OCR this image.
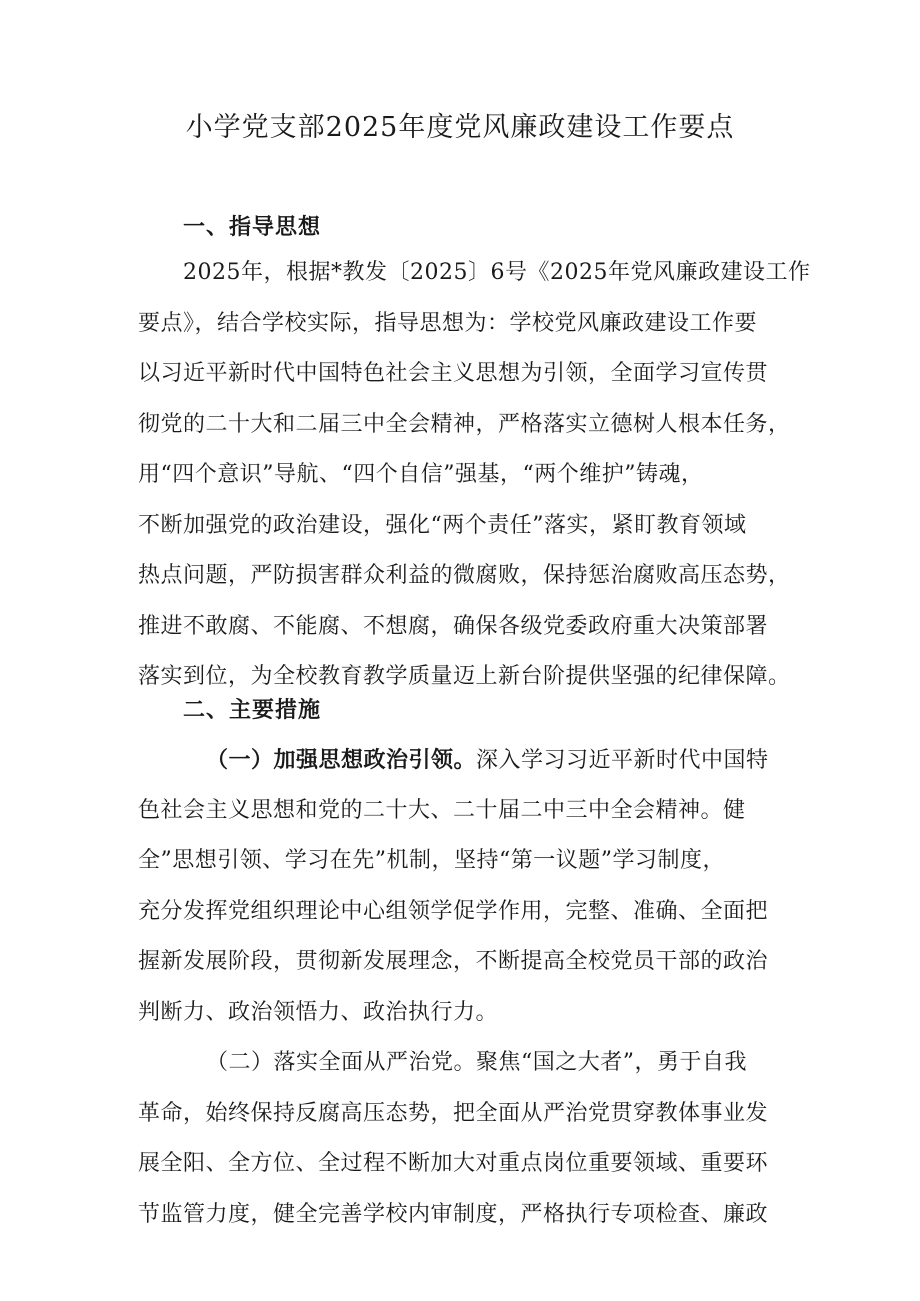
小学党支部2025年度党风廉政建设工作要点
一、指导思想

2025年，根据*教发〔2025〕6号《2025年党风廉政建设工作

要点》，结合学校实际，指导思想为：学校党风廉政建设工作要

以习近平新时代中国特色社会主义思想为引领，全面学习宣传贯

彻党的二十大和二届三中全会精神，严格落实立德树人根本任务，

用“四个意识”导航、“四个自信”强基，“两个维护”铸魂，

不断加强党的政治建设，强化“两个责任”落实，紧盯教育领域

热点问题，严防损害群众利益的微腐败，保持惩治腐败高压态势，

推进不敢腐、不能腐、不想腐，确保各级党委政府重大决策部署

落实到位，为全校教育教学质量迈上新台阶提供坚强的纪律保障。

二、主要措施

（一）加强思想政治引领。深入学习习近平新时代中国特

色社会主义思想和党的二十大、二十届二中三中全会精神。健

全”思想引领、学习在先”机制，坚持“第一议题”学习制度，

充分发挥党组织理论中心组领学促学作用，完整、准确、全面把

握新发展阶段，贯彻新发展理念，不断提高全校党员干部的政治

判断力、政治领悟力、政治执行力。

（二）落实全面从严治党。聚焦“国之大者”，勇于自我

革命，始终保持反腐高压态势，把全面从严治党贯穿教体事业发

展全阳、全方位、全过程不断加大对重点岗位重要领域、重要环

节监管力度，健全完善学校内审制度，严格执行专项检查、廉政
